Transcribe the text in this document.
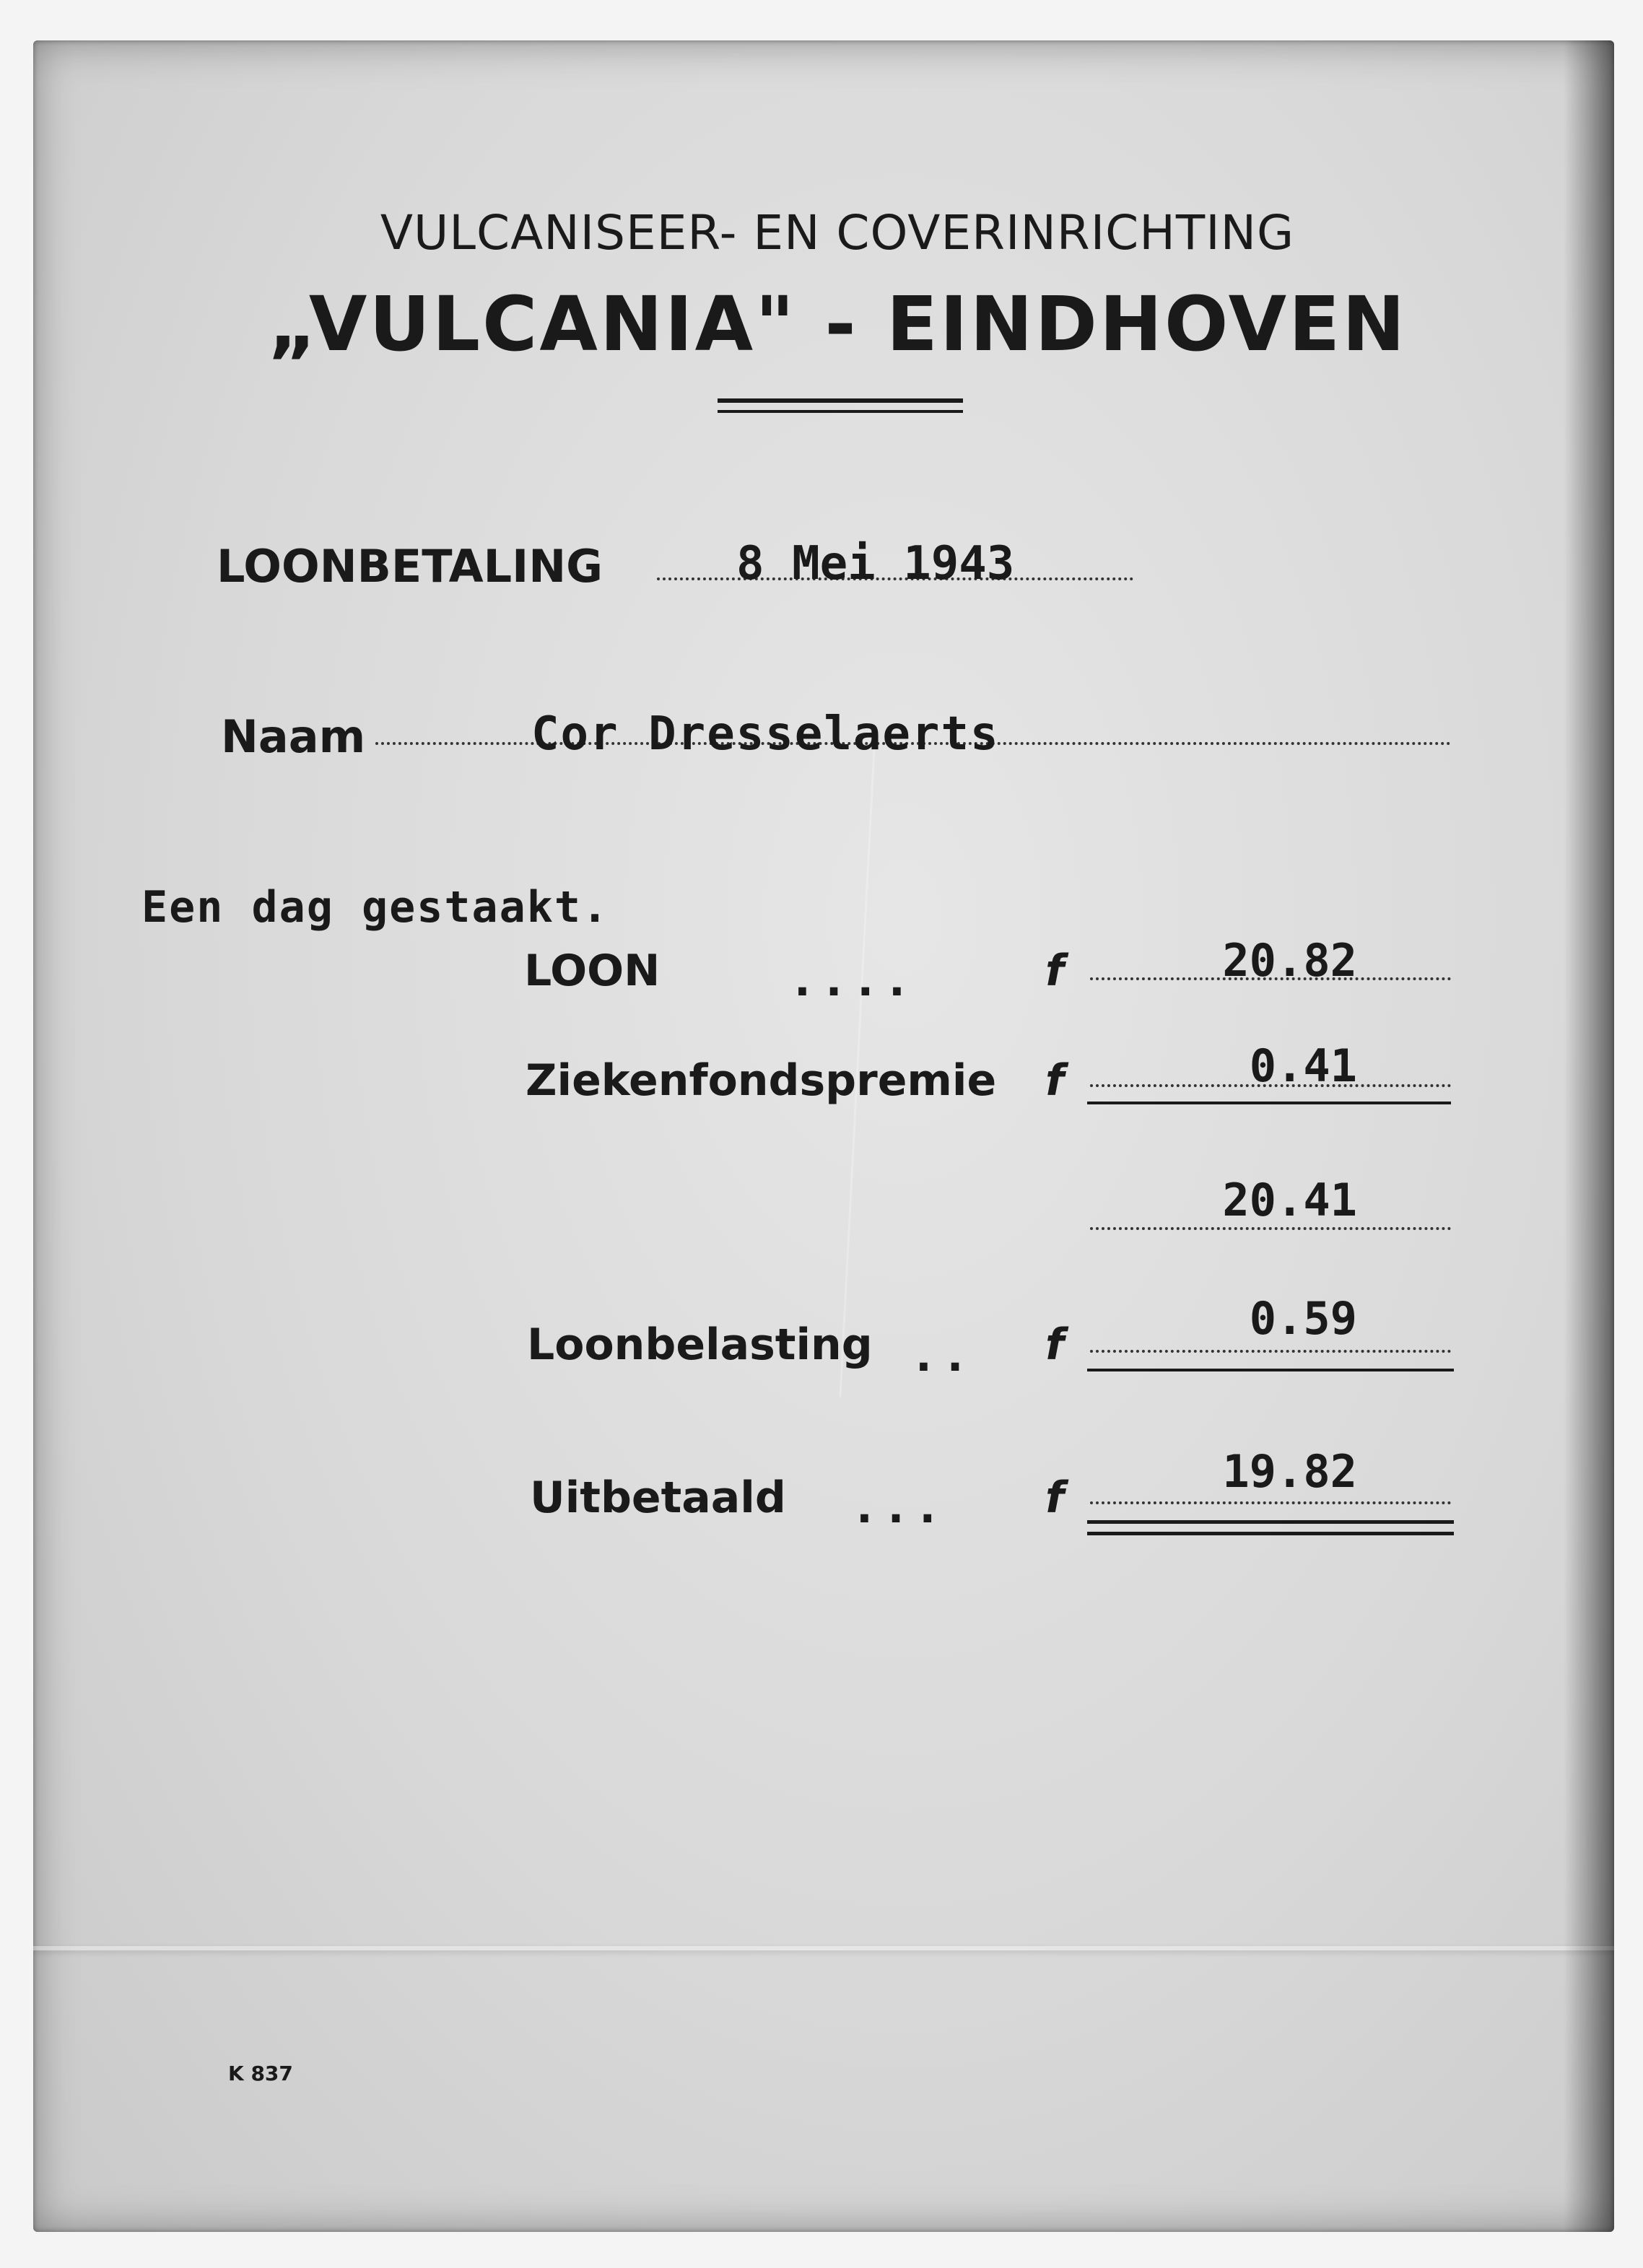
VULCANISEER- EN COVERINRICHTING
„VULCANIA" - EINDHOVEN
LOONBETALING	8 Mei 1943
Naam	Cor Dresselaerts
Een dag gestaakt.
LOON	. . . .	f	20.82
Ziekenfondspremie f	0.41
20.41
Loonbelasting . . f	0.59
Uitbetaald . . .	f	19.82
K 837
